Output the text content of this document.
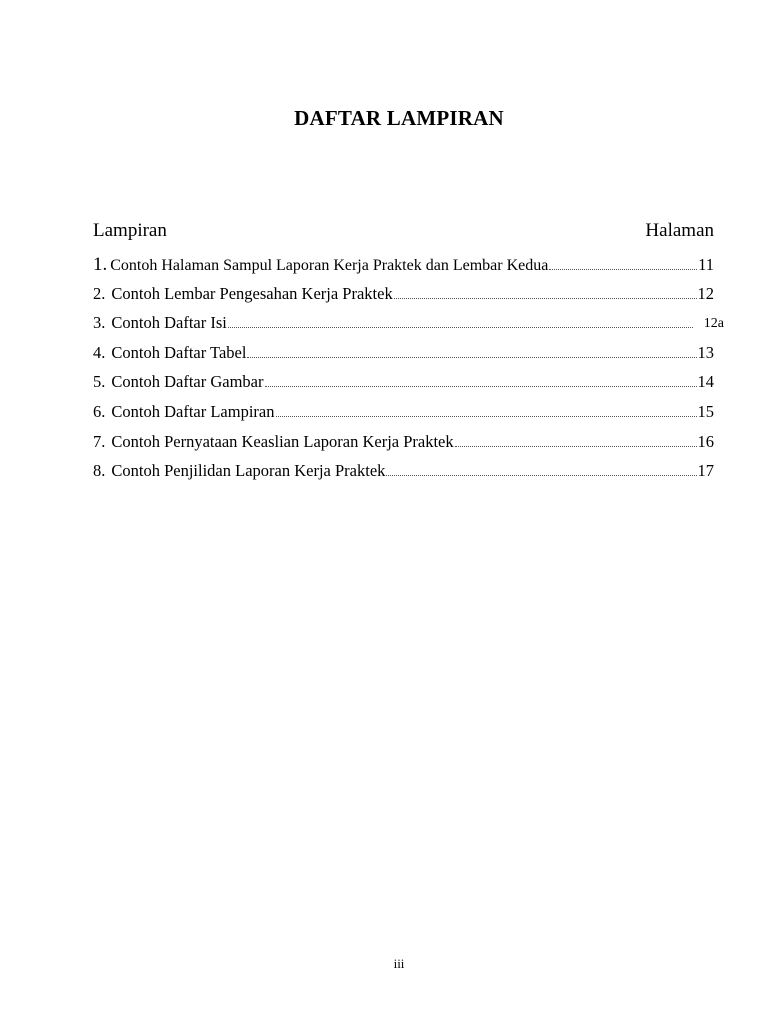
DAFTAR LAMPIRAN
Lampiran	Halaman
1. Contoh Halaman Sampul Laporan Kerja Praktek dan Lembar Kedua	11
2. Contoh Lembar Pengesahan Kerja Praktek	12
3. Contoh Daftar Isi	12a
4. Contoh Daftar Tabel	13
5. Contoh Daftar Gambar	14
6. Contoh Daftar Lampiran	15
7. Contoh Pernyataan Keaslian Laporan Kerja Praktek	16
8. Contoh Penjilidan Laporan Kerja Praktek	17
iii
